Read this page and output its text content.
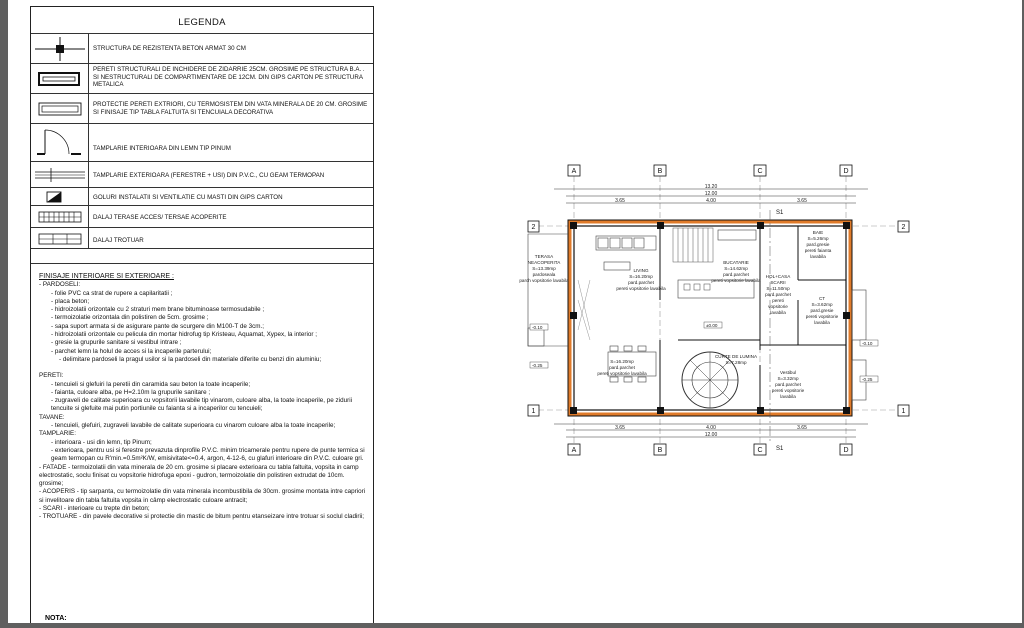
LEGENDA
STRUCTURA DE REZISTENTA BETON ARMAT 30 CM
PERETI STRUCTURALI DE INCHIDERE DE ZIDARRIE 25CM. GROSIME PE STRUCTURA B.A. . SI NESTRUCTURALI DE COMPARTIMENTARE DE 12CM. DIN GIPS CARTON PE STRUCTURA METALICA
PROTECTIE PERETI EXTRIORI, CU TERMOSISTEM DIN VATA MINERALA DE 20 CM. GROSIME SI FINISAJE TIP TABLA FALTUITA SI TENCUIALA DECORATIVA
TAMPLARIE INTERIOARA DIN LEMN TIP PINUM
TAMPLARIE EXTERIOARA (FERESTRE + USI) DIN P.V.C., CU GEAM TERMOPAN
GOLURI INSTALATII SI VENTILATIE CU MASTI DIN GIPS CARTON
DALAJ TERASE ACCES/ TERSAE ACOPERITE
DALAJ TROTUAR
FINISAJE INTERIOARE SI EXTERIOARE :
- PARDOSELI:
- folie PVC ca strat de rupere a capilaritatii ;
- placa beton;
- hidroizolatii orizontale cu 2 straturi mem brane bituminoase termosudabile ;
- termoizolatie orizontala din polistiren de 5cm. grosime ;
- sapa suport armata si de asigurare pante de scurgere din M100-T de 3cm.;
- hidroizolatii orizontale cu pelicula din mortar hidrofug tip Kristeau, Aquamat, Xypex, la interior ;
- gresie la grupurile sanitare si vestibul intrare ;
- parchet lemn la holul de acces si la incaperile parterului;
- delimitare pardoseli la pragul usilor si la pardoseli din materiale diferite cu benzi din aluminiu;
PERETI:
- tencuieli si glefuiri la peretii din caramida sau beton la toate incaperile;
- faianta, culoare alba, pe H=2.10m la grupurile sanitare ;
- zugraveli de calitate superioara cu vopsitorii lavabile tip vinarom, culoare alba, la toate incaperile, pe zidurii tencuite si glefuite mai putin portiunile cu faianta si a incaperilor cu tencuieli;
TAVANE:
- tencuieli, glefuiri, zugraveli lavabile de calitate superioara cu vinarom culoare alba la toate incaperile;
TAMPLARIE:
- interioara - usi din lemn, tip Pinum;
- exterioara, pentru usi si ferestre prevazuta dinprofile P.V.C. minim tricamerale pentru rupere de punte termica si geam termopan cu R'min.=0.5m²K/W, emisivitate<=0.4, argon, 4-12-6, cu glafuri interioare din P.V.C. culoare gri.
- FATADE - termoizolatii din vata minerala de 20 cm. grosime si placare exterioara cu tabla faltuita, vopsita in camp electrostatic, soclu finisat cu vopsitorie hidrofuga epoxi - gudron, termoizolatie din polistiren extrudat de 10cm. grosime;
- ACOPERIS - tip sarpanta, cu termoizolatie din vata minerala incombustibila de 30cm. grosime montata intre capriori si invelitoare din tabla faltuita vopsita in câmp electrostatic culoare antracit;
- SCARI - interioare cu trepte din beton;
- TROTUARE - din pavele decorative si protectie din mastic de bitum pentru etanseizare intre trotuar si soclul cladirii;
NOTA:
A	B	C	D
A	B	C	D
2
1
2
1
13.20
12.00
3.65	4.00	3.65
3.65	4.00	3.65
12.00
TERASA
NEACOPERITA
S=13.39mp
pardoseala
parch vopsitorie lavabila
LIVING
S=16.20mp
pard.parchet
pereti vopsitorie lavabila
BUCATARIE
S=14.62mp
pard.parchet
pereti vopsitorie lavabila
BAIE
S=5.26mp
pard.gresie
pereti faianta
lavabila
HOL+CASA
SCARII
S=11.50mp
pard.parchet
pereti
vopsitorie
lavabila
CT
S=3.62mp
pard.gresie
pereti vopsitorie
lavabila
S=16.20mp
pard.parchet
pereti vopsitorie lavabila
CURTE DE LUMINA
S=7.28mp
Vestibul
S=3.32mp
pard.parchet
pereti vopsitorie
lavabila
-0.10
-0.25
±0.00
-0.10
-0.25
S1
S1
